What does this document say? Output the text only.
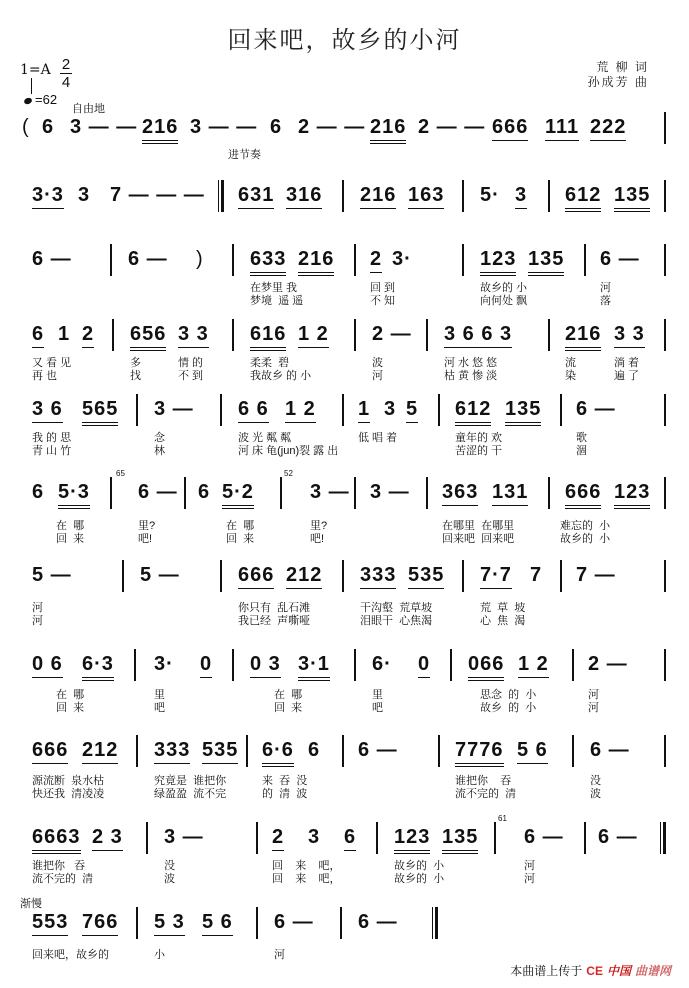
回来吧，故乡的小河
荒 柳 词
孙成芳 曲
1=A 2
4
=62
自由地
( 6 3 — — 216 3 — — 6 2 — — 216 2 — — 666 111 222
进节奏
3·3 3 7 — — — 631 316 216 163 5· 3 612 135
6 —	6 — ) 633 216 2 3·	123 135 6 —
在梦里 我	回 到	故乡的 小	河
梦境  遥 遥	不 知	向何处 飘	落
6 1 2 656 3 3 616 1 2 2 — 3 6 6 3	216 3 3
又 看 见	多	情 的	柔柔  碧	波	河 水 悠 悠	流	淌 着
再 也	找	不 到	我故乡 的 小	河	枯 黄 惨 淡	染	遍 了
3 6 565 3 — 6 6 1 2 1 3 5 612 135 6 —
我 的 思	念	波 光 粼 粼	低 唱 着	童年的 欢	歌
青 山 竹	林	河 床 龟(jun)裂 露 出	苦涩的 干	涸
6 5·3
65
6 — 6 5·2
52
3 — 3 — 363 131 666 123
在  哪	里?	在  哪	里?	在哪里  在哪里	难忘的  小
回  来	吧!	回  来	吧!	回来吧  回来吧	故乡的  小
5 —	5 —	666 212 333 535 7·7 7 7 —
河	你只有  乱石滩	干沟壑  荒草坡	荒  草  坡
河	我已经  声嘶哑	泪眼干  心焦渴	心  焦  渴
0 6 6·3 3· 0 0 3 3·1 6· 0 066 1 2 2 —
在  哪	里	在  哪	里	思念  的  小	河
回  来	吧	回  来	吧	故乡  的  小	河
666 212 333 535 6·6 6 6 —	7776 5 6 6 —
源流断  泉水枯	究竟是  谁把你	来  吞  没	谁把你    吞	没
快还我  清凌凌	绿盈盈  流不完	的  清  波	流不完的  清	波
6663 2 3 3 —	2 3 6 123 135
61
6 — 6 —
谁把你   吞	没	回    来    吧，	故乡的  小	河
流不完的  清	波	回    来    吧，	故乡的  小	河
渐慢
553 766 5 3 5 6 6 — 6 —
回来吧，故乡的	小	河
本曲谱上传于 CE 中国 曲谱网
